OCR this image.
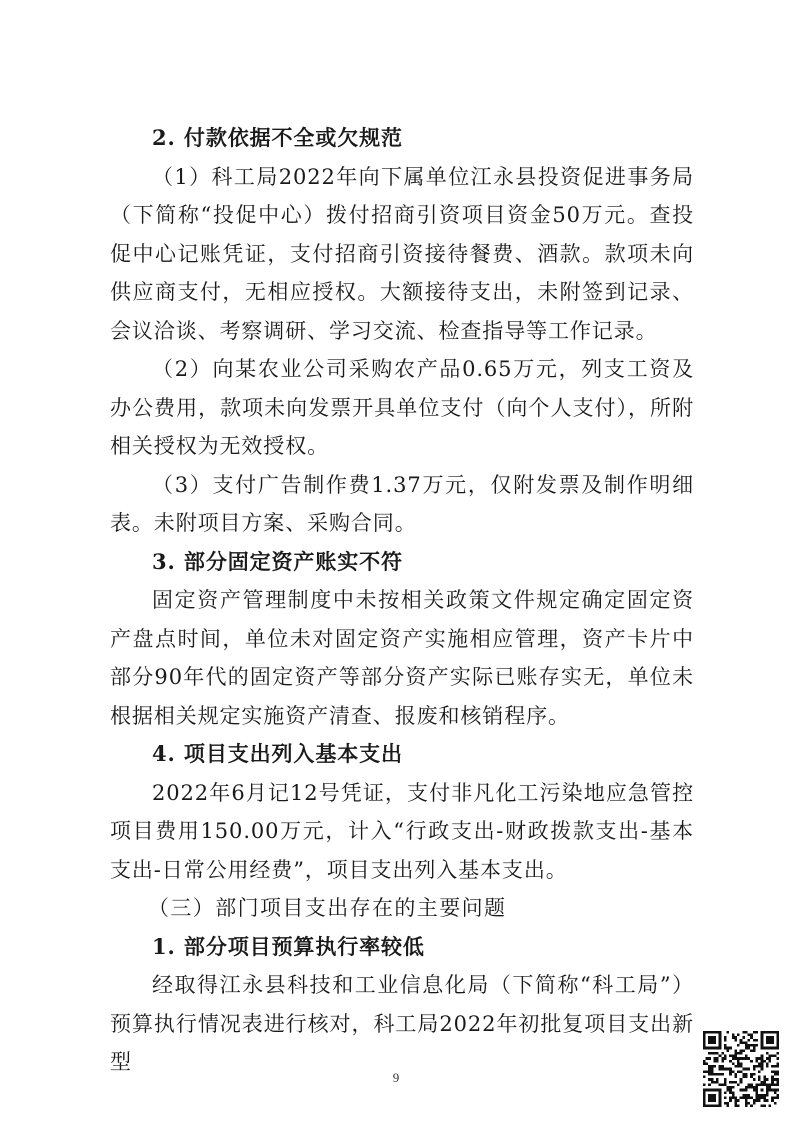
2. 付款依据不全或欠规范

（1）科工局2022年向下属单位江永县投资促进事务局（下简称“投促中心）拨付招商引资项目资金50万元。查投促中心记账凭证，支付招商引资接待餐费、酒款。款项未向供应商支付，无相应授权。大额接待支出，未附签到记录、会议洽谈、考察调研、学习交流、检查指导等工作记录。

（2）向某农业公司采购农产品0.65万元，列支工资及办公费用，款项未向发票开具单位支付（向个人支付），所附相关授权为无效授权。

（3）支付广告制作费1.37万元，仅附发票及制作明细表。未附项目方案、采购合同。

3. 部分固定资产账实不符

固定资产管理制度中未按相关政策文件规定确定固定资产盘点时间，单位未对固定资产实施相应管理，资产卡片中部分90年代的固定资产等部分资产实际已账存实无，单位未根据相关规定实施资产清查、报废和核销程序。

4. 项目支出列入基本支出

2022年6月记12号凭证，支付非凡化工污染地应急管控项目费用150.00万元，计入“行政支出-财政拨款支出-基本支出-日常公用经费”，项目支出列入基本支出。

（三）部门项目支出存在的主要问题

1. 部分项目预算执行率较低

经取得江永县科技和工业信息化局（下简称“科工局”）预算执行情况表进行核对，科工局2022年初批复项目支出新型

9
